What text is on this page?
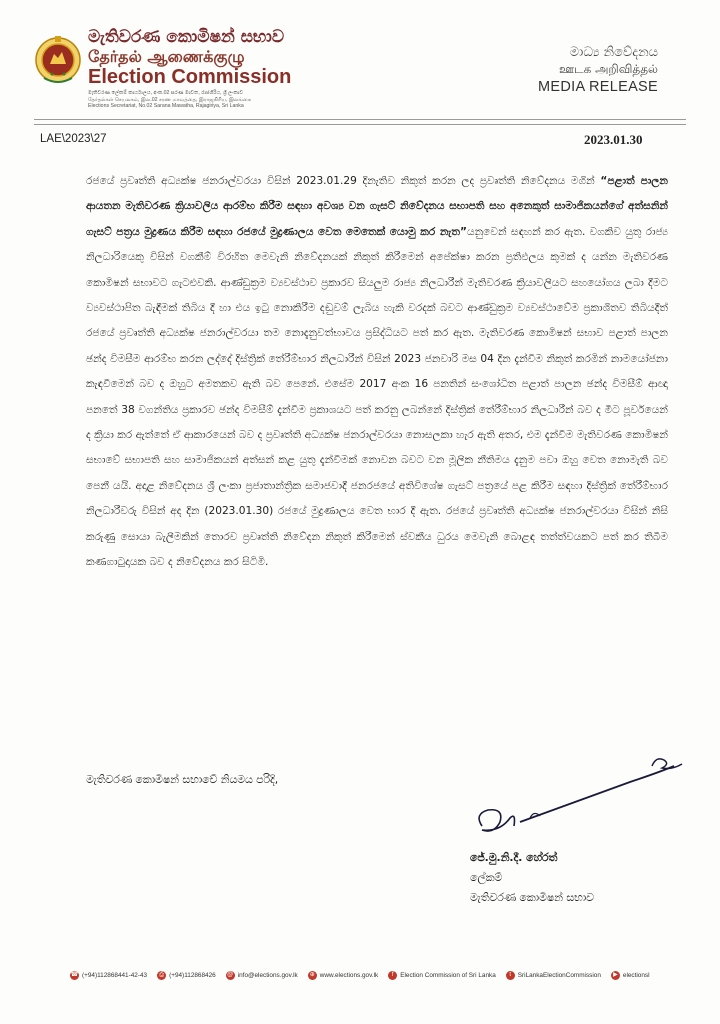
මැතිවරණ කොමිෂන් සභාව
தேர்தல் ஆணைக்குழு
Election Commission
මැතිවරණ ලේකම් කාර්යාලය, අංක.02 සරණ මාවත, රාජගිරිය, ශ්‍රී ලංකාව
தேர்தல்கள் செயலகம், இல.02 சரண மாவத்தை, இராஜகிரிய, இலங்கை
Elections Secretariat, No.02 Sarana Mawatha, Rajagiriya, Sri Lanka
මාධ්‍ය නිවේදනය
ஊடக அறிவித்தல்
MEDIA RELEASE
LAE\2023\27	2023.01.30
රජයේ ප්‍රවෘත්ති අධ්‍යක්ෂ ජනරාල්වරයා විසින් 2023.01.29 දිනැතිව නිකුත් කරන ලද ප්‍රවෘත්ති නිවේදනය මගින් “පළාත් පාලන ආයතන මැතිවරණ ක්‍රියාවලිය ආරම්භ කිරීම සඳහා අවශ්‍ය වන ගැසට් නිවේදනය සභාපති සහ අනෙකුත් සාමාජිකයන්ගේ අත්සනින් ගැසට් පත්‍රය මුද්‍රණය කිරීම සඳහා රජයේ මුද්‍රණාලය වෙත මෙතෙක් යොමු කර නැත”යනුවෙන් සඳහන් කර ඇත. වගකිව යුතු රාජ්‍ය නිලධාරියෙකු විසින් වගකීම් විරහිත මෙවැනි නිවේදනයක් නිකුත් කිරීමෙන් අපේක්ෂා කරන ප්‍රතිඵලය කුමක් ද යන්න මැතිවරණ කොමිෂන් සභාවට ගැටළුවකි. ආණ්ඩුක්‍රම ව්‍යවස්ථාව ප්‍රකාරව සියලුම රාජ්‍ය නිලධාරීන් මැතිවරණ ක්‍රියාවලියට සහයෝගය ලබා දීමට ව්‍යවස්ථාපිත බැඳීමක් තිබිය දී හා එය ඉටු නොකිරීම දඬුවම් ලැබිය හැකි වරදක් බවට ආණ්ඩුක්‍රම ව්‍යවස්ථාවේම ප්‍රකාශිතව තිබියදීත් රජයේ ප්‍රවෘත්ති අධ්‍යක්ෂ ජනරාල්වරයා තම නොදැනුවත්භාවය ප්‍රසිද්ධියට පත් කර ඇත. මැතිවරණ කොමිෂන් සභාව පළාත් පාලන ඡන්ද විමසීම ආරම්භ කරන ලද්දේ දිස්ත්‍රික් තේරීම්භාර නිලධාරීන් විසින් 2023 ජනවාරි මස 04 දින දැන්වීම නිකුත් කරමින් නාමයෝජනා කැඳවීමෙන් බව ද ඔහුට අමතකව ඇති බව පෙනේ. එසේම 2017 අංක 16 පනතින් සංශෝධිත පළාත් පාලන ඡන්ද විමසීම් ආඥා පනතේ 38 වගන්තිය ප්‍රකාරව ඡන්ද විමසීම් දැන්වීම ප්‍රකාශයට පත් කරනු ලබන්නේ දිස්ත්‍රික් තේරීම්භාර නිලධාරීන් බව ද මීට පූර්වයෙන් ද ක්‍රියා කර ඇත්තේ ඒ ආකාරයෙන් බව ද ප්‍රවෘත්ති අධ්‍යක්ෂ ජනරාල්වරයා නොසලකා හැර ඇති අතර, එම දැන්වීම මැතිවරණ කොමිෂන් සභාවේ සභාපති සහ සාමාජිකයන් අත්සන් කළ යුතු දැන්වීමක් නොවන බවට වන මූලික නීතිමය දැනුම පවා ඔහු වෙත නොමැති බව පෙනී යයි. අදාළ නිවේදනය ශ්‍රී ලංකා ප්‍රජාතාන්ත්‍රික සමාජවාදී ජනරජයේ අතිවිශේෂ ගැසට් පත්‍රයේ පළ කිරීම සඳහා දිස්ත්‍රික් තේරීම්භාර නිලධාරීවරු විසින් අද දින (2023.01.30) රජයේ මුද්‍රණාලය වෙත භාර දී ඇත. රජයේ ප්‍රවෘත්ති අධ්‍යක්ෂ ජනරාල්වරයා විසින් නිසි කරුණු සොයා බැලීමකින් තොරව ප්‍රවෘත්ති නිවේදන නිකුත් කිරීමෙන් ස්වකීය ධුරය මෙවැනි බොළඳ තත්ත්වයකට පත් කර තිබීම කණගාටුදායක බව ද නිවේදනය කර සිටිමි.
මැතිවරණ කොමිෂන් සභාවේ නියමය පරිදි,
ජේ.මු.නි.දී. හේරත්
ලේකම්
මැතිවරණ කොමිෂන් සභාව
☎ (+94)112868441-42-43	⎙ (+94)112868426 @ info@elections.gov.lk	⊕ www.elections.gov.lk	f	Election Commission of Sri Lanka	t	SriLankaElectionCommission	▶ electionsl
